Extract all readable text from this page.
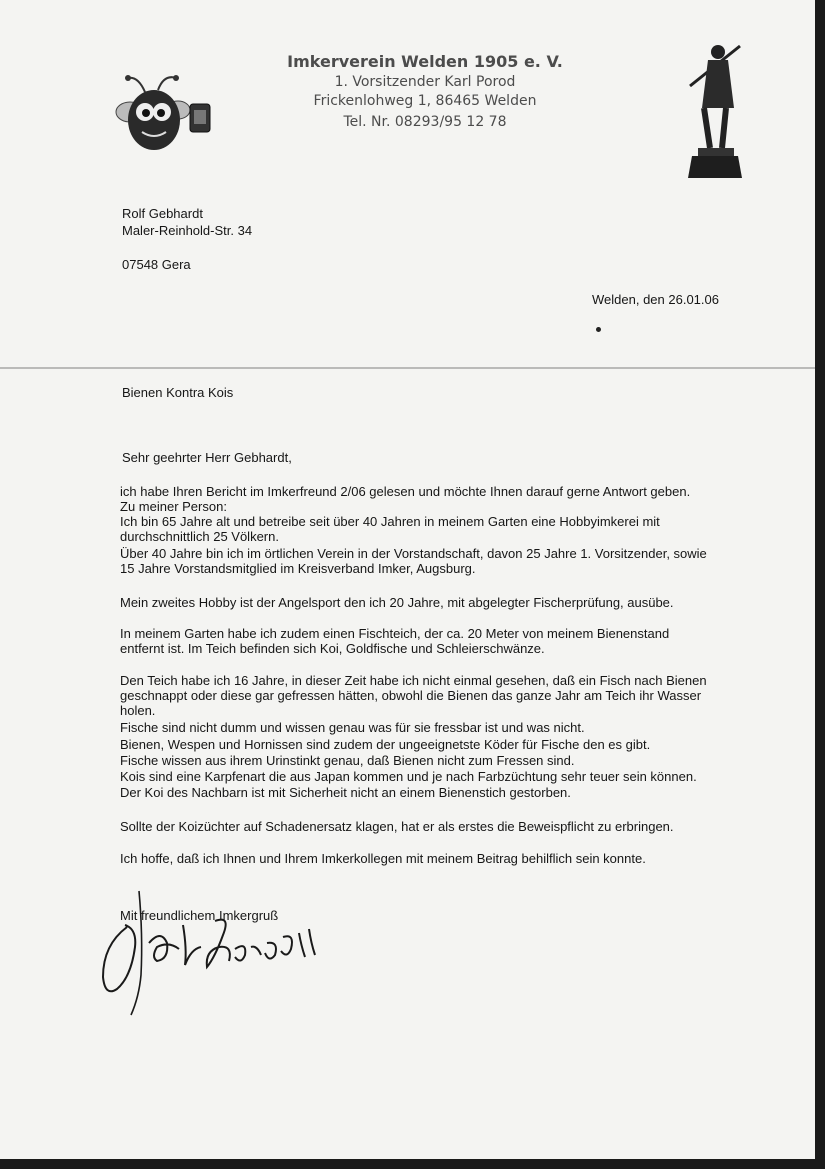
Imkerverein Welden 1905 e. V.
1. Vorsitzender Karl Porod
Frickenlohweg 1, 86465 Welden
Tel. Nr. 08293/95 12 78
Rolf Gebhardt
Maler-Reinhold-Str. 34
07548 Gera
Welden, den 26.01.06
Bienen Kontra Kois
Sehr geehrter Herr Gebhardt,
ich habe Ihren Bericht im Imkerfreund 2/06 gelesen und möchte Ihnen darauf gerne Antwort geben.
Zu meiner Person:
Ich bin 65 Jahre alt und betreibe seit über 40 Jahren in meinem Garten eine Hobbyimkerei mit
durchschnittlich 25 Völkern.
Über 40 Jahre bin ich im örtlichen Verein in der Vorstandschaft, davon 25 Jahre 1. Vorsitzender, sowie
15 Jahre Vorstandsmitglied im Kreisverband Imker, Augsburg.
Mein zweites Hobby ist der Angelsport den ich 20 Jahre, mit abgelegter Fischerprüfung, ausübe.
In meinem Garten habe ich zudem einen Fischteich, der ca. 20 Meter von meinem Bienenstand
entfernt ist. Im Teich befinden sich Koi, Goldfische und Schleierschwänze.
Den Teich habe ich 16 Jahre, in dieser Zeit habe ich nicht einmal gesehen, daß ein Fisch nach Bienen
geschnappt oder diese gar gefressen hätten, obwohl die Bienen das ganze Jahr am Teich ihr Wasser
holen.
Fische sind nicht dumm und wissen genau was für sie fressbar ist und was nicht.
Bienen, Wespen und Hornissen sind zudem der ungeeignetste Köder für Fische den es gibt.
Fische wissen aus ihrem Urinstinkt genau, daß Bienen nicht zum Fressen sind.
Kois sind eine Karpfenart die aus Japan kommen und je nach Farbzüchtung sehr teuer sein können.
Der Koi des Nachbarn ist mit Sicherheit nicht an einem Bienenstich gestorben.
Sollte der Koizüchter auf Schadenersatz klagen, hat er als erstes die Beweispflicht zu erbringen.
Ich hoffe, daß ich Ihnen und Ihrem Imkerkollegen mit meinem Beitrag behilflich sein konnte.
Mit freundlichem Imkergruß
